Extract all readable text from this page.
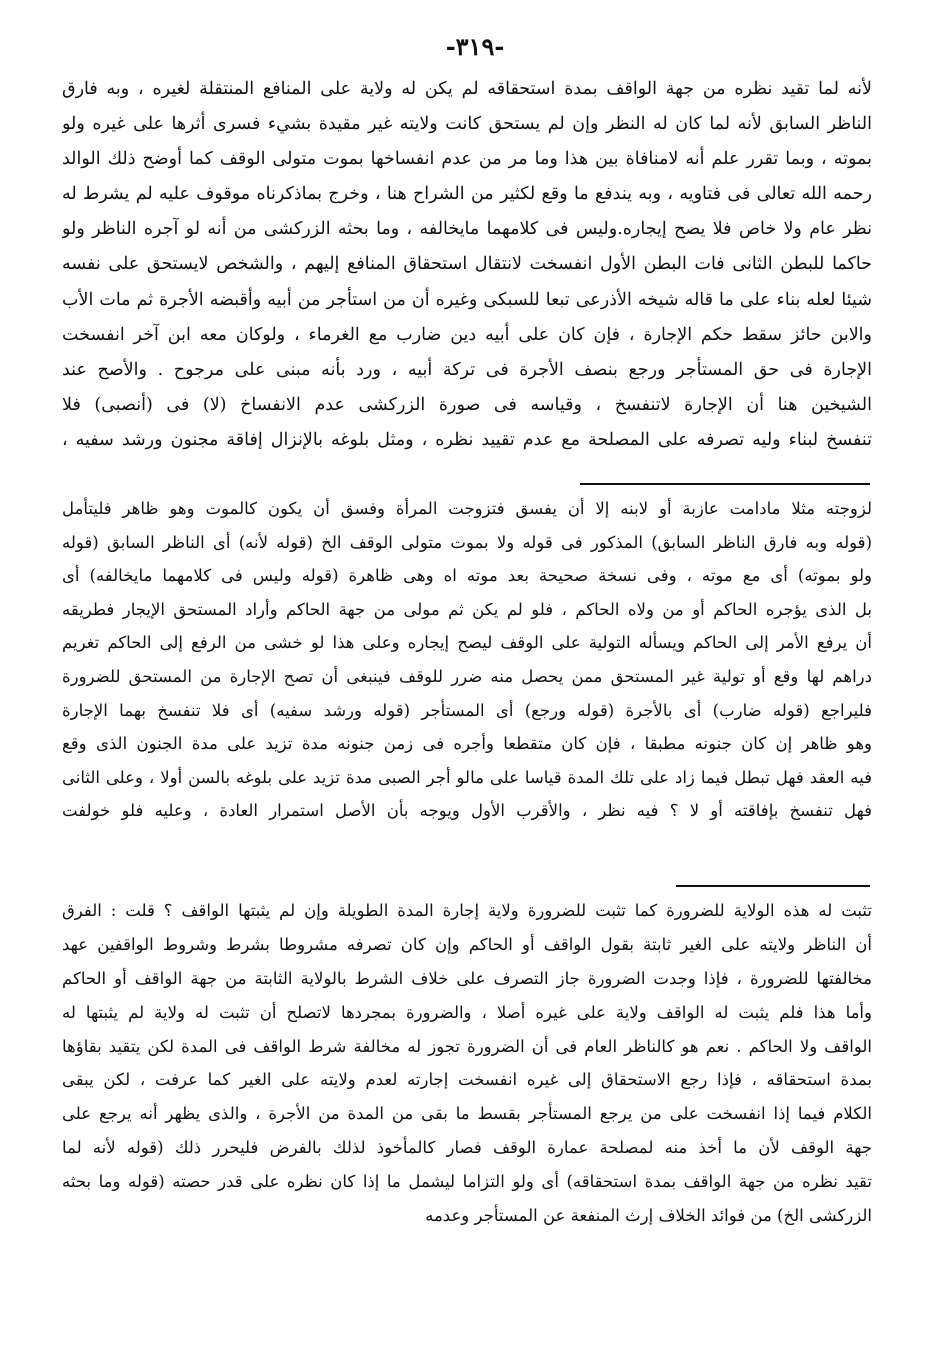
-٣١٩-
لأنه لما تقيد نظره من جهة الواقف بمدة استحقاقه لم يكن له ولاية على المنافع المنتقلة لغيره ، وبه فارق
الناظر السابق لأنه لما كان له النظر وإن لم يستحق كانت ولايته غير مقيدة بشيء فسرى أثرها على غيره ولو
بموته ، وبما تقرر علم أنه لامنافاة بين هذا وما مر من عدم انفساخها بموت متولى الوقف كما أوضح ذلك الوالد
رحمه الله تعالى فى فتاويه ، وبه يندفع ما وقع لكثير من الشراح هنا ، وخرج بماذكرناه موقوف عليه لم يشرط له
نظر عام ولا خاص فلا يصح إيجاره.وليس فى كلامهما مايخالفه ، وما بحثه الزركشى من أنه لو آجره الناظر ولو
حاكما للبطن الثانى فات البطن الأول انفسخت لانتقال استحقاق المنافع إليهم ، والشخص لايستحق على نفسه
شيئا لعله بناء على ما قاله شيخه الأذرعى تبعا للسبكى وغيره أن من استأجر من أبيه وأقبضه الأجرة ثم مات الأب
والابن حائز سقط حكم الإجارة ، فإن كان على أبيه دين ضارب مع الغرماء ، ولوكان معه ابن آخر انفسخت
الإجارة فى حق المستأجر ورجع بنصف الأجرة فى تركة أبيه ، ورد بأنه مبنى على مرجوح . والأصح عند
الشيخين هنا أن الإجارة لاتنفسخ ، وقياسه فى صورة الزركشى عدم الانفساخ (لا) فى (أنصبى) فلا
تنفسخ لبناء وليه تصرفه على المصلحة مع عدم تقييد نظره ، ومثل بلوغه بالإنزال إفاقة مجنون ورشد سفيه ،
لزوجته مثلا مادامت عازبة أو لابنه إلا أن يفسق فتزوجت المرأة وفسق أن يكون كالموت وهو ظاهر فليتأمل
(قوله وبه فارق الناظر السابق) المذكور فى قوله ولا بموت متولى الوقف الخ (قوله لأنه) أى الناظر السابق (قوله
ولو بموته) أى مع موته ، وفى نسخة صحيحة بعد موته اه وهى ظاهرة (قوله وليس فى كلامهما مايخالفه) أى
بل الذى يؤجره الحاكم أو من ولاه الحاكم ، فلو لم يكن ثم مولى من جهة الحاكم وأراد المستحق الإيجار فطريقه
أن يرفع الأمر إلى الحاكم ويسأله التولية على الوقف ليصح إيجاره وعلى هذا لو خشى من الرفع إلى الحاكم تغريم
دراهم لها وقع أو تولية غير المستحق ممن يحصل منه ضرر للوقف فينبغى أن تصح الإجارة من المستحق للضرورة
فليراجع (قوله ضارب) أى بالأجرة (قوله ورجع) أى المستأجر (قوله ورشد سفيه) أى فلا تنفسخ بهما الإجارة
وهو ظاهر إن كان جنونه مطبقا ، فإن كان متقطعا وأجره فى زمن جنونه مدة تزيد على مدة الجنون الذى وقع
فيه العقد فهل تبطل فيما زاد على تلك المدة قياسا على مالو أجر الصبى مدة تزيد على بلوغه بالسن أولا ، وعلى الثانى
فهل تنفسخ بإفاقته أو لا ؟ فيه نظر ، والأقرب الأول ويوجه بأن الأصل استمرار العادة ، وعليه فلو خولفت
تثبت له هذه الولاية للضرورة كما تثبت للضرورة ولاية إجارة المدة الطويلة وإن لم يثبتها الواقف ؟ قلت : الفرق
أن الناظر ولايته على الغير ثابتة بقول الواقف أو الحاكم وإن كان تصرفه مشروطا بشرط وشروط الواقفين عهد
مخالفتها للضرورة ، فإذا وجدت الضرورة جاز التصرف على خلاف الشرط بالولاية الثابتة من جهة الواقف أو الحاكم
وأما هذا فلم يثبت له الواقف ولاية على غيره أصلا ، والضرورة بمجردها لاتصلح أن تثبت له ولاية لم يثبتها له
الواقف ولا الحاكم . نعم هو كالناظر العام فى أن الضرورة تجوز له مخالفة شرط الواقف فى المدة لكن يتقيد بقاؤها
بمدة استحقاقه ، فإذا رجع الاستحقاق إلى غيره انفسخت إجارته لعدم ولايته على الغير كما عرفت ، لكن يبقى
الكلام فيما إذا انفسخت على من يرجع المستأجر بقسط ما بقى من المدة من الأجرة ، والذى يظهر أنه يرجع على
جهة الوقف لأن ما أخذ منه لمصلحة عمارة الوقف فصار كالمأخوذ لذلك بالفرض فليحرر ذلك (قوله لأنه لما
تقيد نظره من جهة الواقف بمدة استحقاقه) أى ولو التزاما ليشمل ما إذا كان نظره على قدر حصته (قوله وما بحثه
الزركشى الخ) من فوائد الخلاف إرث المنفعة عن المستأجر وعدمه
